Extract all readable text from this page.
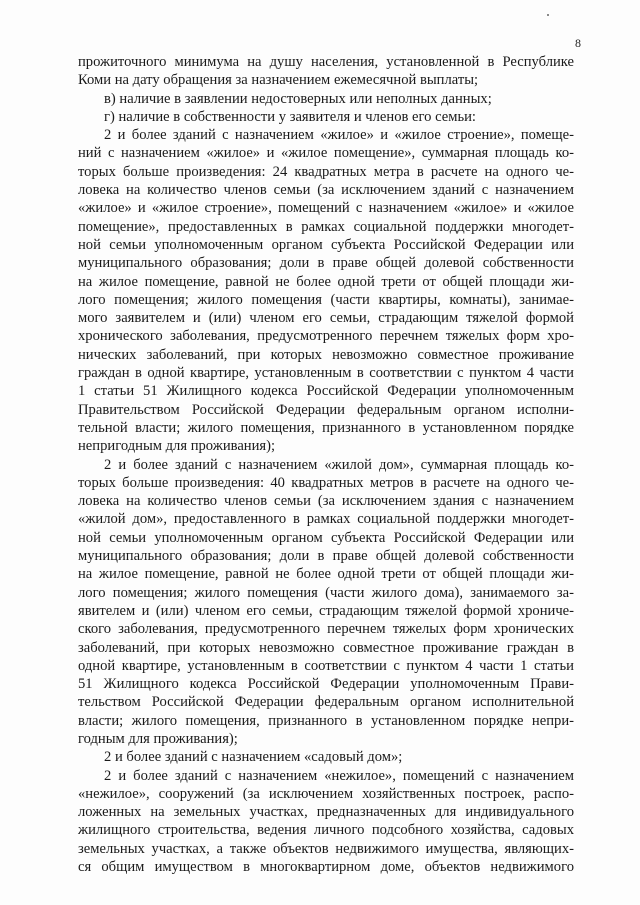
8
прожиточного минимума на душу населения, установленной в Республике
Коми на дату обращения за назначением ежемесячной выплаты;
в) наличие в заявлении недостоверных или неполных данных;
г) наличие в собственности у заявителя и членов его семьи:
2 и более зданий с назначением «жилое» и «жилое строение», помеще-
ний с назначением «жилое» и «жилое помещение», суммарная площадь ко-
торых больше произведения: 24 квадратных метра в расчете на одного че-
ловека на количество членов семьи (за исключением зданий с назначением
«жилое» и «жилое строение», помещений с назначением «жилое» и «жилое
помещение», предоставленных в рамках социальной поддержки многодет-
ной семьи уполномоченным органом субъекта Российской Федерации или
муниципального образования; доли в праве общей долевой собственности
на жилое помещение, равной не более одной трети от общей площади жи-
лого помещения; жилого помещения (части квартиры, комнаты), занимае-
мого заявителем и (или) членом его семьи, страдающим тяжелой формой
хронического заболевания, предусмотренного перечнем тяжелых форм хро-
нических заболеваний, при которых невозможно совместное проживание
граждан в одной квартире, установленным в соответствии с пунктом 4 части
1 статьи 51 Жилищного кодекса Российской Федерации уполномоченным
Правительством Российской Федерации федеральным органом исполни-
тельной власти; жилого помещения, признанного в установленном порядке
непригодным для проживания);
2 и более зданий с назначением «жилой дом», суммарная площадь ко-
торых больше произведения: 40 квадратных метров в расчете на одного че-
ловека на количество членов семьи (за исключением здания с назначением
«жилой дом», предоставленного в рамках социальной поддержки многодет-
ной семьи уполномоченным органом субъекта Российской Федерации или
муниципального образования; доли в праве общей долевой собственности
на жилое помещение, равной не более одной трети от общей площади жи-
лого помещения; жилого помещения (части жилого дома), занимаемого за-
явителем и (или) членом его семьи, страдающим тяжелой формой хрониче-
ского заболевания, предусмотренного перечнем тяжелых форм хронических
заболеваний, при которых невозможно совместное проживание граждан в
одной квартире, установленным в соответствии с пунктом 4 части 1 статьи
51 Жилищного кодекса Российской Федерации уполномоченным Прави-
тельством Российской Федерации федеральным органом исполнительной
власти; жилого помещения, признанного в установленном порядке непри-
годным для проживания);
2 и более зданий с назначением «садовый дом»;
2 и более зданий с назначением «нежилое», помещений с назначением
«нежилое», сооружений (за исключением хозяйственных построек, распо-
ложенных на земельных участках, предназначенных для индивидуального
жилищного строительства, ведения личного подсобного хозяйства, садовых
земельных участках, а также объектов недвижимого имущества, являющих-
ся общим имуществом в многоквартирном доме, объектов недвижимого
